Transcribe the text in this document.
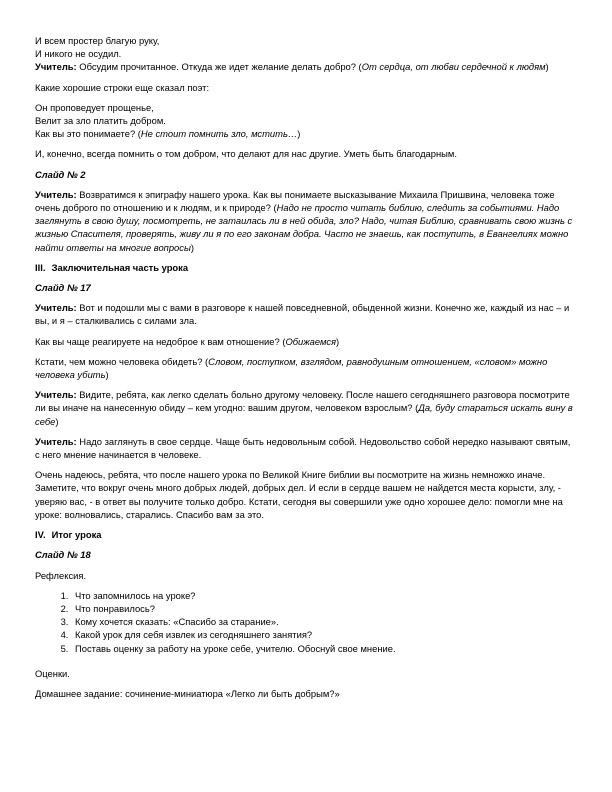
И всем простер благую руку,

И никого не осудил.

Учитель: Обсудим прочитанное. Откуда же идет желание делать добро? (От сердца, от любви сердечной к людям)

Какие хорошие строки еще сказал поэт:

Он проповедует прощенье,

Велит за зло платить добром.

Как вы это понимаете? (Не стоит помнить зло, мстить…)

И, конечно, всегда помнить о том добром, что делают для нас другие. Уметь быть благодарным.

Слайд № 2

Учитель: Возвратимся к эпиграфу нашего урока. Как вы понимаете высказывание Михаила Пришвина, человека тоже очень доброго по отношению и к людям, и к природе? (Надо не просто читать библию, следить за событиями. Надо заглянуть в свою душу, посмотреть, не затаилась ли в ней обида, зло? Надо, читая Библию, сравнивать свою жизнь с жизнью Спасителя, проверять, живу ли я по его законам добра. Часто не знаешь, как поступить, в Евангелиях можно найти ответы на многие вопросы)

III. Заключительная часть урока

Слайд № 17

Учитель: Вот и подошли мы с вами в разговоре к нашей повседневной, обыденной жизни. Конечно же, каждый из нас – и вы, и я – сталкивались с силами зла.

Как вы чаще реагируете на недоброе к вам отношение? (Обижаемся)

Кстати, чем можно человека обидеть? (Словом, поступком, взглядом, равнодушным отношением, «словом» можно человека убить)

Учитель: Видите, ребята, как легко сделать больно другому человеку. После нашего сегодняшнего разговора посмотрите ли вы иначе на нанесенную обиду – кем угодно: вашим другом, человеком взрослым? (Да, буду стараться искать вину в себе)

Учитель: Надо заглянуть в свое сердце. Чаще быть недовольным собой. Недовольство собой нередко называют святым, с него мнение начинается в человеке.

Очень надеюсь, ребята, что после нашего урока по Великой Книге библии вы посмотрите на жизнь немножко иначе. Заметите, что вокруг очень много добрых людей, добрых дел. И если в сердце вашем не найдется места корысти, злу, - уверяю вас, - в ответ вы получите только добро. Кстати, сегодня вы совершили уже одно хорошее дело: помогли мне на уроке: волновались, старались. Спасибо вам за это.

IV. Итог урока

Слайд № 18

Рефлексия.

1. Что запомнилось на уроке?
2. Что понравилось?
3. Кому хочется сказать: «Спасибо за старание».
4. Какой урок для себя извлек из сегодняшнего занятия?
5. Поставь оценку за работу на уроке себе, учителю. Обоснуй свое мнение.

Оценки.

Домашнее задание: сочинение-миниатюра «Легко ли быть добрым?»
